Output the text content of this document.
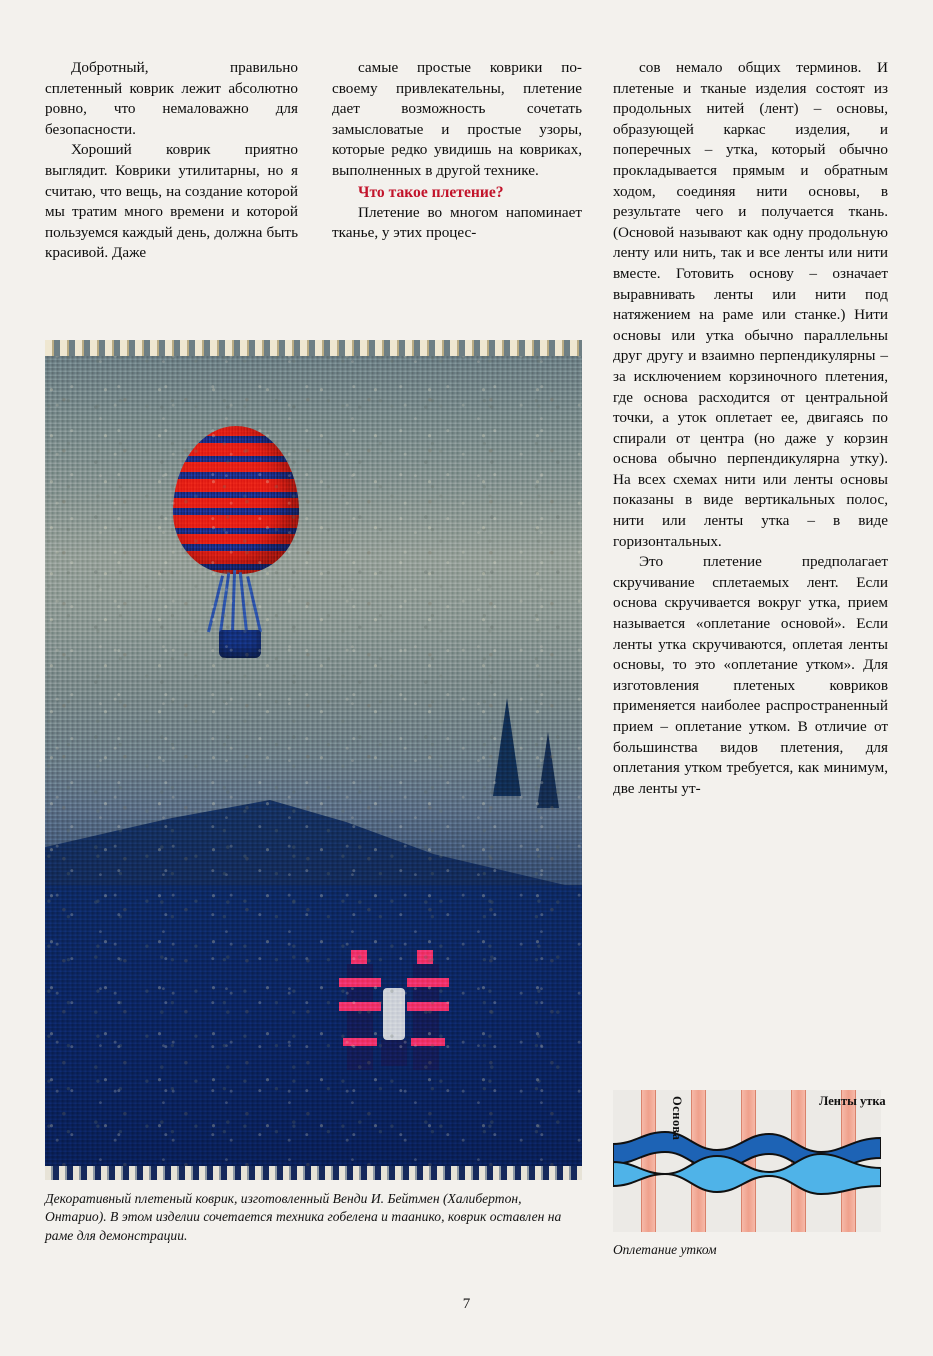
Добротный, правильно сплетенный коврик лежит абсолютно ровно, что немаловажно для безопасности.

Хороший коврик приятно выглядит. Коврики утилитарны, но я считаю, что вещь, на создание которой мы тратим много времени и которой пользуемся каждый день, должна быть красивой. Даже

самые простые коврики по-своему привлекательны, плетение дает возможность сочетать замысловатые и простые узоры, которые редко увидишь на ковриках, выполненных в другой технике.

Что такое плетение?

Плетение во многом напоминает тканье, у этих процес-

сов немало общих терминов. И плетеные и тканые изделия состоят из продольных нитей (лент) – основы, образующей каркас изделия, и поперечных – утка, который обычно прокладывается прямым и обратным ходом, соединяя нити основы, в результате чего и получается ткань. (Основой называют как одну продольную ленту или нить, так и все ленты или нити вместе. Готовить основу – означает выравнивать ленты или нити под натяжением на раме или станке.) Нити основы или утка обычно параллельны друг другу и взаимно перпендикулярны – за исключением корзиночного плетения, где основа расходится от центральной точки, а уток оплетает ее, двигаясь по спирали от центра (но даже у корзин основа обычно перпендикулярна утку). На всех схемах нити или ленты основы показаны в виде вертикальных полос, нити или ленты утка – в виде горизонтальных.

Это плетение предполагает скручивание сплетаемых лент. Если основа скручивается вокруг утка, прием называется «оплетание основой». Если ленты утка скручиваются, оплетая ленты основы, то это «оплетание утком». Для изготовления плетеных ковриков применяется наиболее распространенный прием – оплетание утком. В отличие от большинства видов плетения, для оплетания утком требуется, как минимум, две ленты ут-

Декоративный плетеный коврик, изготовленный Венди И. Бейтмен (Халибертон, Онтарио). В этом изделии сочетается техника гобелена и таанико, коврик оставлен на раме для демонстрации.
Основа	Ленты утка
Оплетание утком
7
